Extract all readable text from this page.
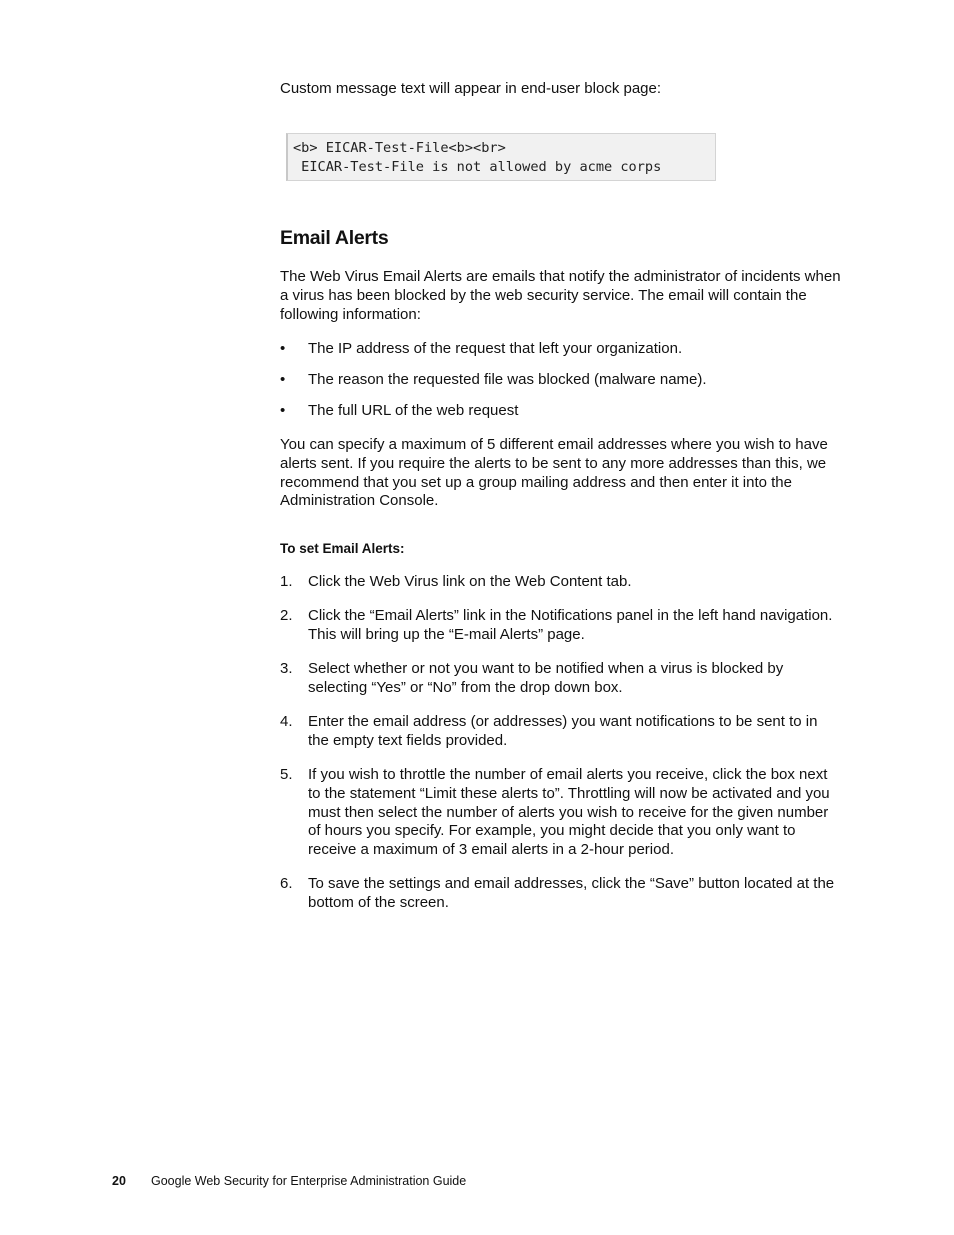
Custom message text will appear in end-user block page:

<b> EICAR-Test-File<b><br>
EICAR-Test-File is not allowed by acme corps
Email Alerts

The Web Virus Email Alerts are emails that notify the administrator of incidents when a virus has been blocked by the web security service. The email will contain the following information:

• The IP address of the request that left your organization.
• The reason the requested file was blocked (malware name).
• The full URL of the web request

You can specify a maximum of 5 different email addresses where you wish to have alerts sent. If you require the alerts to be sent to any more addresses than this, we recommend that you set up a group mailing address and then enter it into the Administration Console.

To set Email Alerts:
1. Click the Web Virus link on the Web Content tab.
2. Click the “Email Alerts” link in the Notifications panel in the left hand navigation. This will bring up the “E-mail Alerts” page.
3. Select whether or not you want to be notified when a virus is blocked by selecting “Yes” or “No” from the drop down box.
4. Enter the email address (or addresses) you want notifications to be sent to in the empty text fields provided.
5. If you wish to throttle the number of email alerts you receive, click the box next to the statement “Limit these alerts to”. Throttling will now be activated and you must then select the number of alerts you wish to receive for the given number of hours you specify. For example, you might decide that you only want to receive a maximum of 3 email alerts in a 2-hour period.
6. To save the settings and email addresses, click the “Save” button located at the bottom of the screen.
20 Google Web Security for Enterprise Administration Guide
